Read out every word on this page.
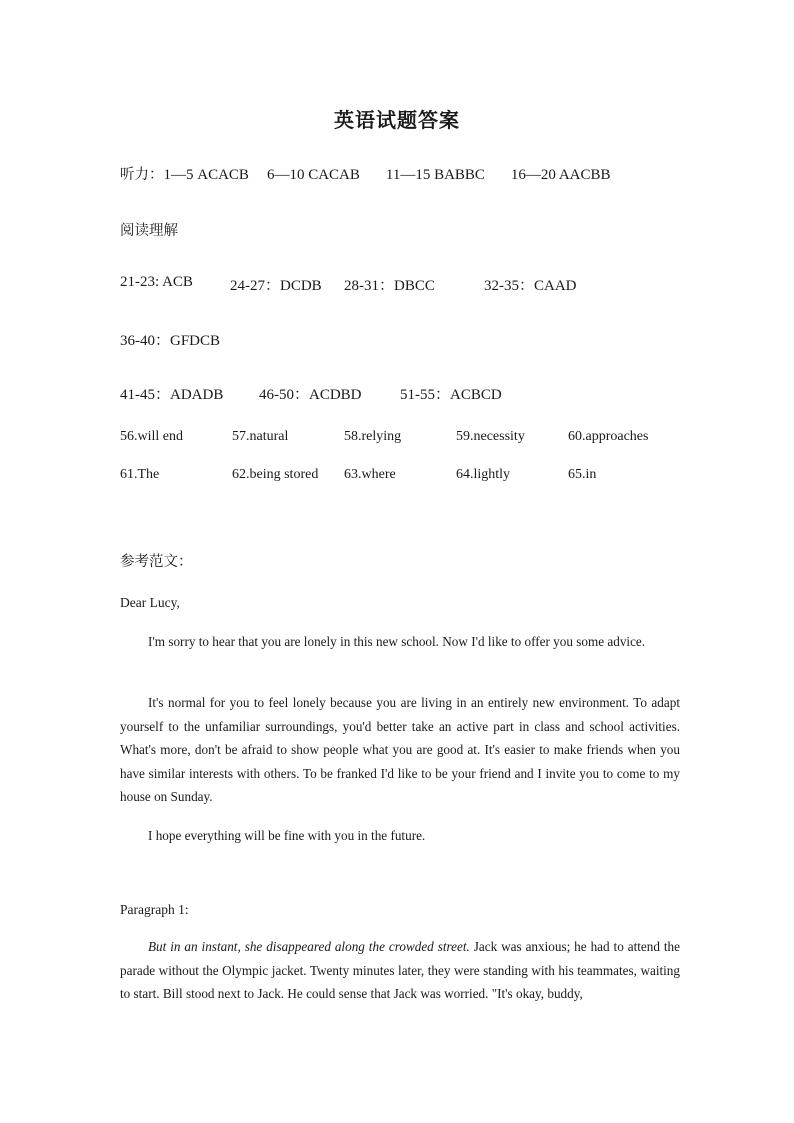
英语试题答案
听力：1—5 ACACB 6—10 CACAB 11—15 BABBC 16—20 AACBB
阅读理解
21-23: ACB 24-27：DCDB 28-31：DBCC	32-35：CAAD
36-40：GFDCB
41-45：ADADB 46-50：ACDBD	51-55：ACBCD
56.will end	57.natural	58.relying	59.necessity	60.approaches
61.The	62.being stored 63.where	64.lightly	65.in
参考范文：
Dear Lucy,

I'm sorry to hear that you are lonely in this new school. Now I'd like to offer you some advice.

It's normal for you to feel lonely because you are living in an entirely new environment. To adapt yourself to the unfamiliar surroundings, you'd better take an active part in class and school activities. What's more, don't be afraid to show people what you are good at. It's easier to make friends when you have similar interests with others. To be franked I'd like to be your friend and I invite you to come to my house on Sunday.

I hope everything will be fine with you in the future.

Paragraph 1:

But in an instant, she disappeared along the crowded street. Jack was anxious; he had to attend the parade without the Olympic jacket. Twenty minutes later, they were standing with his teammates, waiting to start. Bill stood next to Jack. He could sense that Jack was worried. "It's okay, buddy,
